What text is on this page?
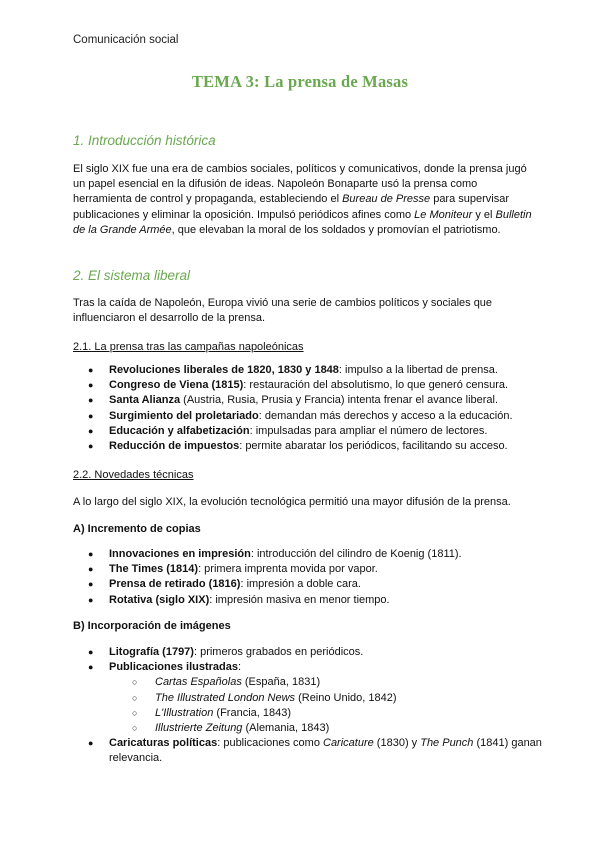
Comunicación social
TEMA 3: La prensa de Masas
1. Introducción histórica
El siglo XIX fue una era de cambios sociales, políticos y comunicativos, donde la prensa jugó un papel esencial en la difusión de ideas. Napoleón Bonaparte usó la prensa como herramienta de control y propaganda, estableciendo el Bureau de Presse para supervisar publicaciones y eliminar la oposición. Impulsó periódicos afines como Le Moniteur y el Bulletin de la Grande Armée, que elevaban la moral de los soldados y promovían el patriotismo.
2. El sistema liberal
Tras la caída de Napoleón, Europa vivió una serie de cambios políticos y sociales que influenciaron el desarrollo de la prensa.
2.1. La prensa tras las campañas napoleónicas
● Revoluciones liberales de 1820, 1830 y 1848: impulso a la libertad de prensa.
● Congreso de Viena (1815): restauración del absolutismo, lo que generó censura.
● Santa Alianza (Austria, Rusia, Prusia y Francia) intenta frenar el avance liberal.
● Surgimiento del proletariado: demandan más derechos y acceso a la educación.
● Educación y alfabetización: impulsadas para ampliar el número de lectores.
● Reducción de impuestos: permite abaratar los periódicos, facilitando su acceso.
2.2. Novedades técnicas
A lo largo del siglo XIX, la evolución tecnológica permitió una mayor difusión de la prensa.
A) Incremento de copias
● Innovaciones en impresión: introducción del cilindro de Koenig (1811).
● The Times (1814): primera imprenta movida por vapor.
● Prensa de retirado (1816): impresión a doble cara.
● Rotativa (siglo XIX): impresión masiva en menor tiempo.
B) Incorporación de imágenes
● Litografía (1797): primeros grabados en periódicos.
● Publicaciones ilustradas:
○ Cartas Españolas (España, 1831)
○ The Illustrated London News (Reino Unido, 1842)
○ L'Illustration (Francia, 1843)
○ Illustrierte Zeitung (Alemania, 1843)
● Caricaturas políticas: publicaciones como Caricature (1830) y The Punch (1841) ganan relevancia.
